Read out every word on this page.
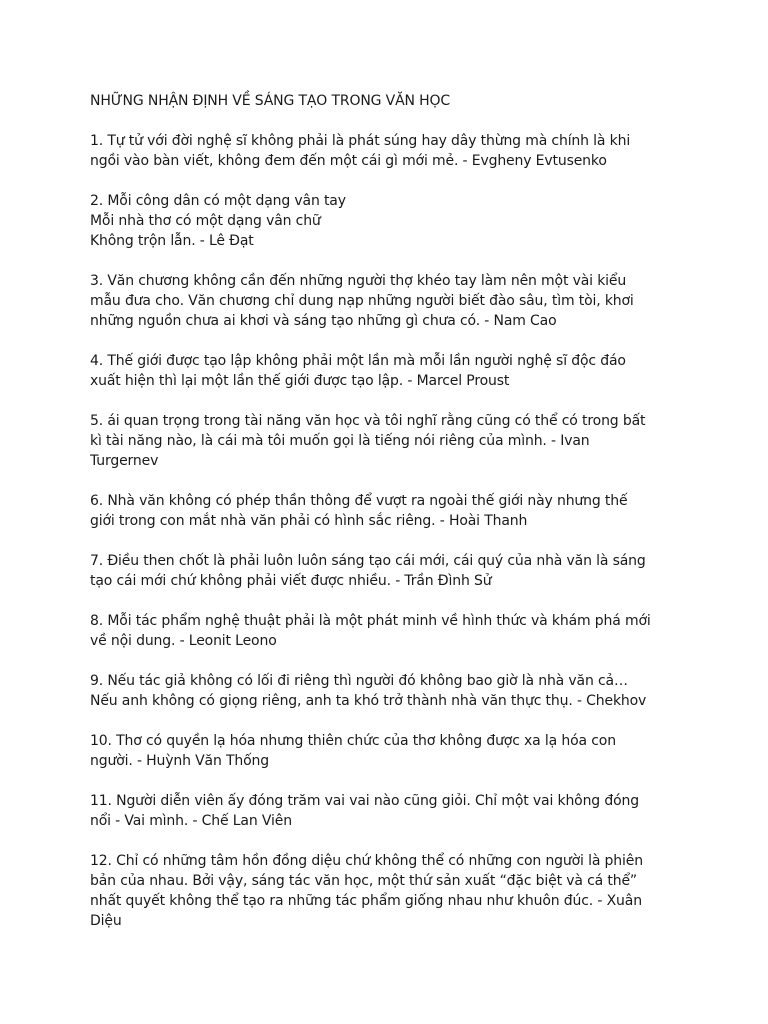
NHỮNG NHẬN ĐỊNH VỀ SÁNG TẠO TRONG VĂN HỌC
1. Tự tử với đời nghệ sĩ không phải là phát súng hay dây thừng mà chính là khi
ngồi vào bàn viết, không đem đến một cái gì mới mẻ. - Evgheny Evtusenko
2. Mỗi công dân có một dạng vân tay
Mỗi nhà thơ có một dạng vân chữ
Không trộn lẫn. - Lê Đạt
3. Văn chương không cần đến những người thợ khéo tay làm nên một vài kiểu
mẫu đưa cho. Văn chương chỉ dung nạp những người biết đào sâu, tìm tòi, khơi
những nguồn chưa ai khơi và sáng tạo những gì chưa có. - Nam Cao
4. Thế giới được tạo lập không phải một lần mà mỗi lần người nghệ sĩ độc đáo
xuất hiện thì lại một lần thế giới được tạo lập. - Marcel Proust
5. ái quan trọng trong tài năng văn học và tôi nghĩ rằng cũng có thể có trong bất
kì tài năng nào, là cái mà tôi muốn gọi là tiếng nói riêng của mình. - Ivan
Turgernev
6. Nhà văn không có phép thần thông để vượt ra ngoài thế giới này nhưng thế
giới trong con mắt nhà văn phải có hình sắc riêng. - Hoài Thanh
7. Điều then chốt là phải luôn luôn sáng tạo cái mới, cái quý của nhà văn là sáng
tạo cái mới chứ không phải viết được nhiều. - Trần Đình Sử
8. Mỗi tác phẩm nghệ thuật phải là một phát minh về hình thức và khám phá mới
về nội dung. - Leonit Leono
9. Nếu tác giả không có lối đi riêng thì người đó không bao giờ là nhà văn cả…
Nếu anh không có giọng riêng, anh ta khó trở thành nhà văn thực thụ. - Chekhov
10. Thơ có quyền lạ hóa nhưng thiên chức của thơ không được xa lạ hóa con
người. - Huỳnh Văn Thống
11. Người diễn viên ấy đóng trăm vai vai nào cũng giỏi. Chỉ một vai không đóng
nổi - Vai mình. - Chế Lan Viên
12. Chỉ có những tâm hồn đồng diệu chứ không thể có những con người là phiên
bản của nhau. Bởi vậy, sáng tác văn học, một thứ sản xuất “đặc biệt và cá thể”
nhất quyết không thể tạo ra những tác phẩm giống nhau như khuôn đúc. - Xuân
Diệu
